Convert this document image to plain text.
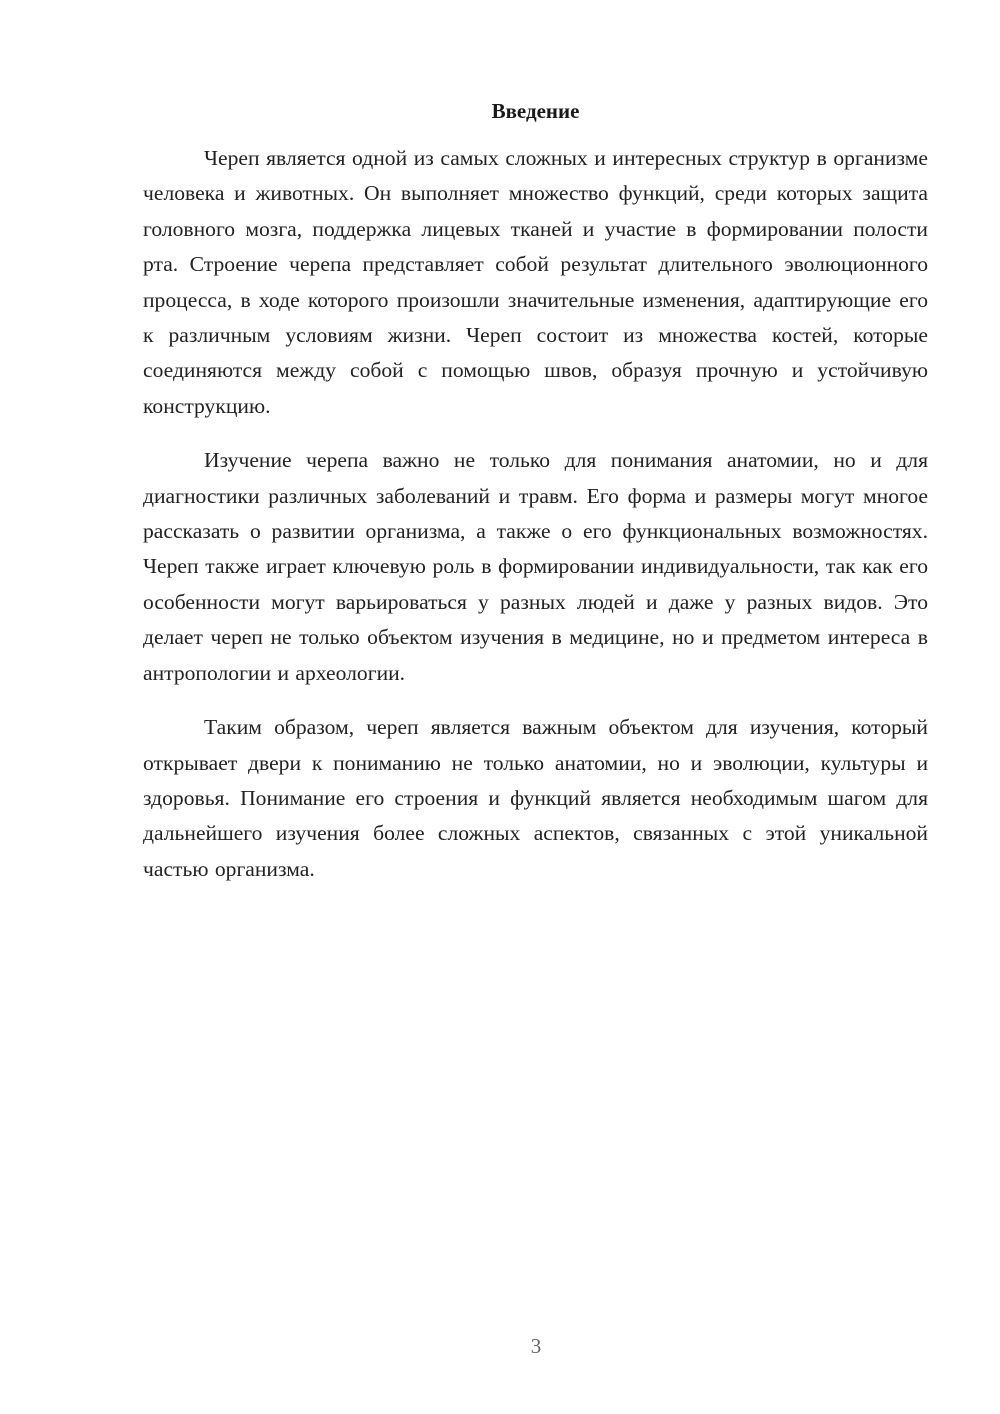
Введение

Череп является одной из самых сложных и интересных структур в организме человека и животных. Он выполняет множество функций, среди которых защита головного мозга, поддержка лицевых тканей и участие в формировании полости рта. Строение черепа представляет собой результат длительного эволюционного процесса, в ходе которого произошли значительные изменения, адаптирующие его к различным условиям жизни. Череп состоит из множества костей, которые соединяются между собой с помощью швов, образуя прочную и устойчивую конструкцию.

Изучение черепа важно не только для понимания анатомии, но и для диагностики различных заболеваний и травм. Его форма и размеры могут многое рассказать о развитии организма, а также о его функциональных возможностях. Череп также играет ключевую роль в формировании индивидуальности, так как его особенности могут варьироваться у разных людей и даже у разных видов. Это делает череп не только объектом изучения в медицине, но и предметом интереса в антропологии и археологии.

Таким образом, череп является важным объектом для изучения, который открывает двери к пониманию не только анатомии, но и эволюции, культуры и здоровья. Понимание его строения и функций является необходимым шагом для дальнейшего изучения более сложных аспектов, связанных с этой уникальной частью организма.

3
